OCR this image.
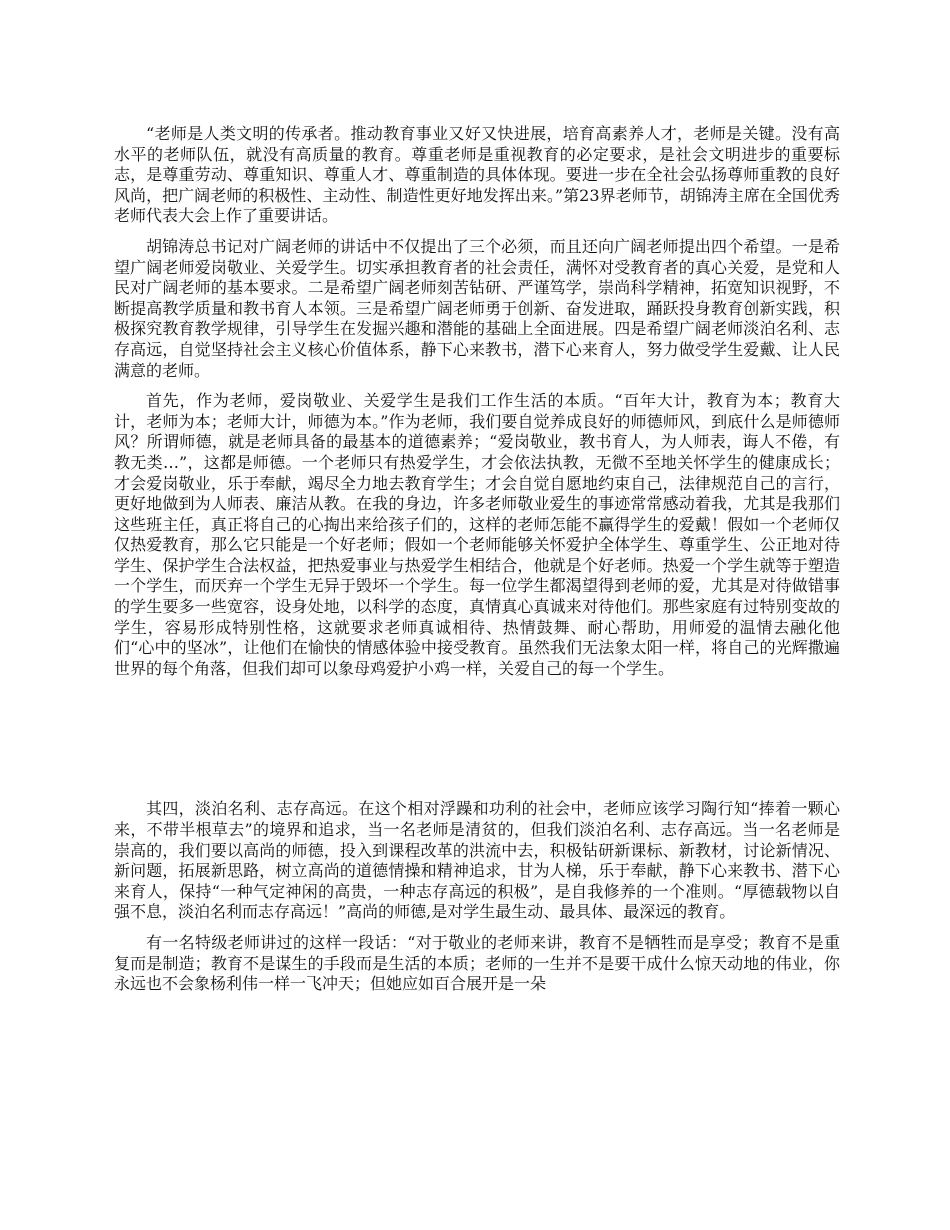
“老师是人类文明的传承者。推动教育事业又好又快进展，培育高素养人才，老师是关键。没有高水平的老师队伍，就没有高质量的教育。尊重老师是重视教育的必定要求，是社会文明进步的重要标志，是尊重劳动、尊重知识、尊重人才、尊重制造的具体体现。要进一步在全社会弘扬尊师重教的良好风尚，把广阔老师的积极性、主动性、制造性更好地发挥出来。”第23界老师节，胡锦涛主席在全国优秀老师代表大会上作了重要讲话。

胡锦涛总书记对广阔老师的讲话中不仅提出了三个必须，而且还向广阔老师提出四个希望。一是希望广阔老师爱岗敬业、关爱学生。切实承担教育者的社会责任，满怀对受教育者的真心关爱，是党和人民对广阔老师的基本要求。二是希望广阔老师刻苦钻研、严谨笃学，崇尚科学精神，拓宽知识视野，不断提高教学质量和教书育人本领。三是希望广阔老师勇于创新、奋发进取，踊跃投身教育创新实践，积极探究教育教学规律，引导学生在发掘兴趣和潜能的基础上全面进展。四是希望广阔老师淡泊名利、志存高远，自觉坚持社会主义核心价值体系，静下心来教书，潜下心来育人，努力做受学生爱戴、让人民满意的老师。

首先，作为老师，爱岗敬业、关爱学生是我们工作生活的本质。“百年大计，教育为本；教育大计，老师为本；老师大计，师德为本。”作为老师，我们要自觉养成良好的师德师风，到底什么是师德师风？所谓师德，就是老师具备的最基本的道德素养；“爱岗敬业，教书育人，为人师表，诲人不倦，有教无类…”，这都是师德。一个老师只有热爱学生，才会依法执教，无微不至地关怀学生的健康成长；才会爱岗敬业，乐于奉献，竭尽全力地去教育学生；才会自觉自愿地约束自己，法律规范自己的言行，更好地做到为人师表、廉洁从教。在我的身边，许多老师敬业爱生的事迹常常感动着我，尤其是我那们这些班主任，真正将自己的心掏出来给孩子们的，这样的老师怎能不赢得学生的爱戴！假如一个老师仅仅热爱教育，那么它只能是一个好老师；假如一个老师能够关怀爱护全体学生、尊重学生、公正地对待学生、保护学生合法权益，把热爱事业与热爱学生相结合，他就是个好老师。热爱一个学生就等于塑造一个学生，而厌弃一个学生无异于毁坏一个学生。每一位学生都渴望得到老师的爱，尤其是对待做错事的学生要多一些宽容，设身处地，以科学的态度，真情真心真诚来对待他们。那些家庭有过特别变故的学生，容易形成特别性格，这就要求老师真诚相待、热情鼓舞、耐心帮助，用师爱的温情去融化他们“心中的坚冰”，让他们在愉快的情感体验中接受教育。虽然我们无法象太阳一样，将自己的光辉撒遍世界的每个角落，但我们却可以象母鸡爱护小鸡一样，关爱自己的每一个学生。

其四，淡泊名利、志存高远。在这个相对浮躁和功利的社会中，老师应该学习陶行知“捧着一颗心来，不带半根草去”的境界和追求，当一名老师是清贫的，但我们淡泊名利、志存高远。当一名老师是崇高的，我们要以高尚的师德，投入到课程改革的洪流中去，积极钻研新课标、新教材，讨论新情况、新问题，拓展新思路，树立高尚的道德情操和精神追求，甘为人梯，乐于奉献，静下心来教书、潜下心来育人，保持“一种气定神闲的高贵，一种志存高远的积极”，是自我修养的一个准则。“厚德载物以自强不息，淡泊名利而志存高远！”高尚的师德,是对学生最生动、最具体、最深远的教育。

有一名特级老师讲过的这样一段话：“对于敬业的老师来讲，教育不是牺牲而是享受；教育不是重复而是制造；教育不是谋生的手段而是生活的本质；老师的一生并不是要干成什么惊天动地的伟业，你永远也不会象杨利伟一样一飞冲天；但她应如百合展开是一朵
